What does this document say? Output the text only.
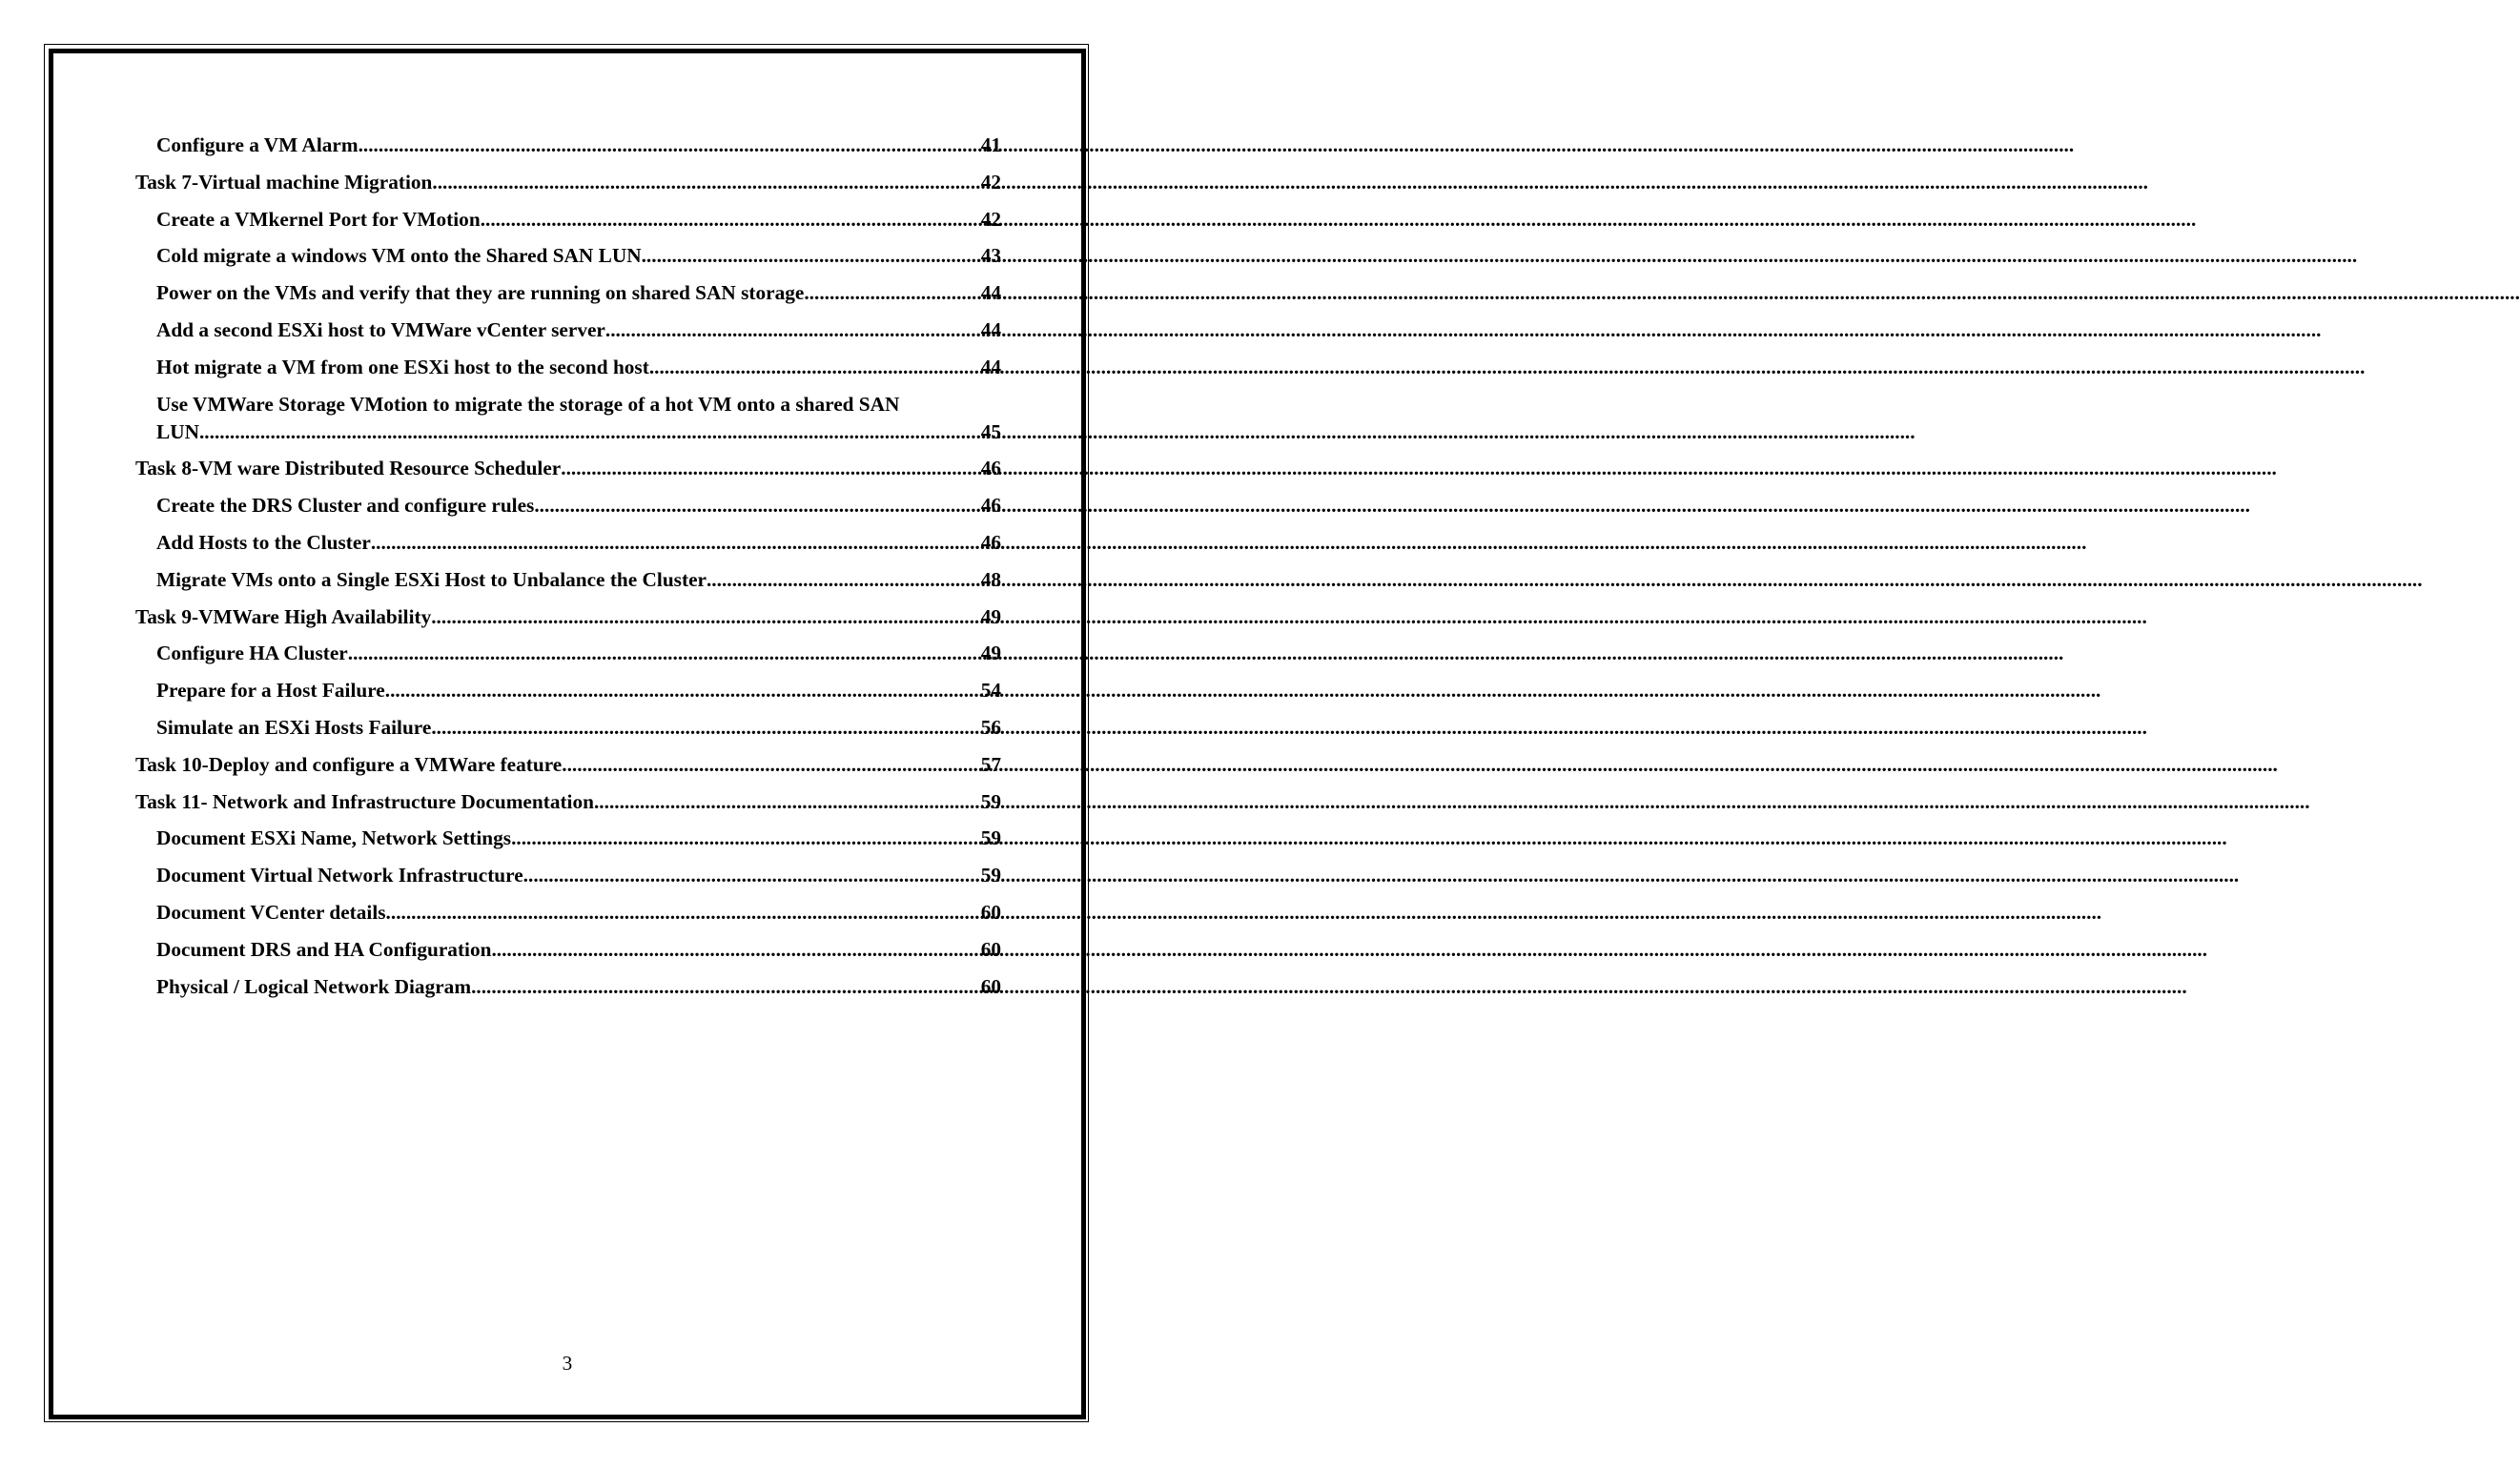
Configure a VM Alarm .....	41
Task 7-Virtual machine Migration .....	42
Create a VMkernel Port for VMotion .....	42
Cold migrate a windows VM onto the Shared SAN LUN .....	43
Power on the VMs and verify that they are running on shared SAN storage .....	44
Add a second ESXi host to VMWare vCenter server .....	44
Hot migrate a VM from one ESXi host to the second host .....	44
Use VMWare Storage VMotion to migrate the storage of a hot VM onto a shared SAN
LUN .....	45
Task 8-VM ware Distributed Resource Scheduler .....	46
Create the DRS Cluster and configure rules .....	46
Add Hosts to the Cluster .....	46
Migrate VMs onto a Single ESXi Host to Unbalance the Cluster .....	48
Task 9-VMWare High Availability .....	49
Configure HA Cluster .....	49
Prepare for a Host Failure .....	54
Simulate an ESXi Hosts Failure .....	56
Task 10-Deploy and configure a VMWare feature .....	57
Task 11- Network and Infrastructure Documentation .....	59
Document ESXi Name, Network Settings .....	59
Document Virtual Network Infrastructure .....	59
Document VCenter details .....	60
Document DRS and HA Configuration .....	60
Physical / Logical Network Diagram .....	60
3
